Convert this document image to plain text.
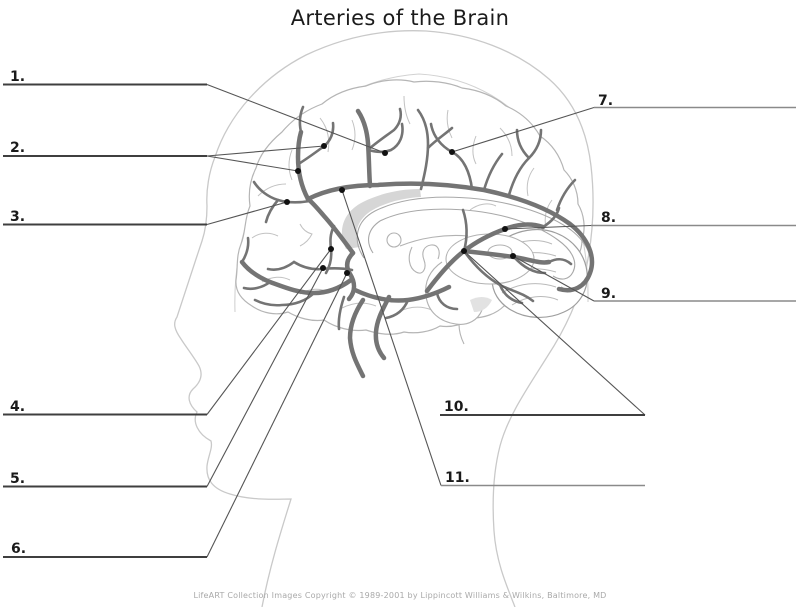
Arteries of the Brain
1.
2.
3.
4.
5.
6.
7.
8.
9.
10.
11.
LifeART Collection Images Copyright © 1989-2001 by Lippincott Williams & Wilkins, Baltimore, MD
